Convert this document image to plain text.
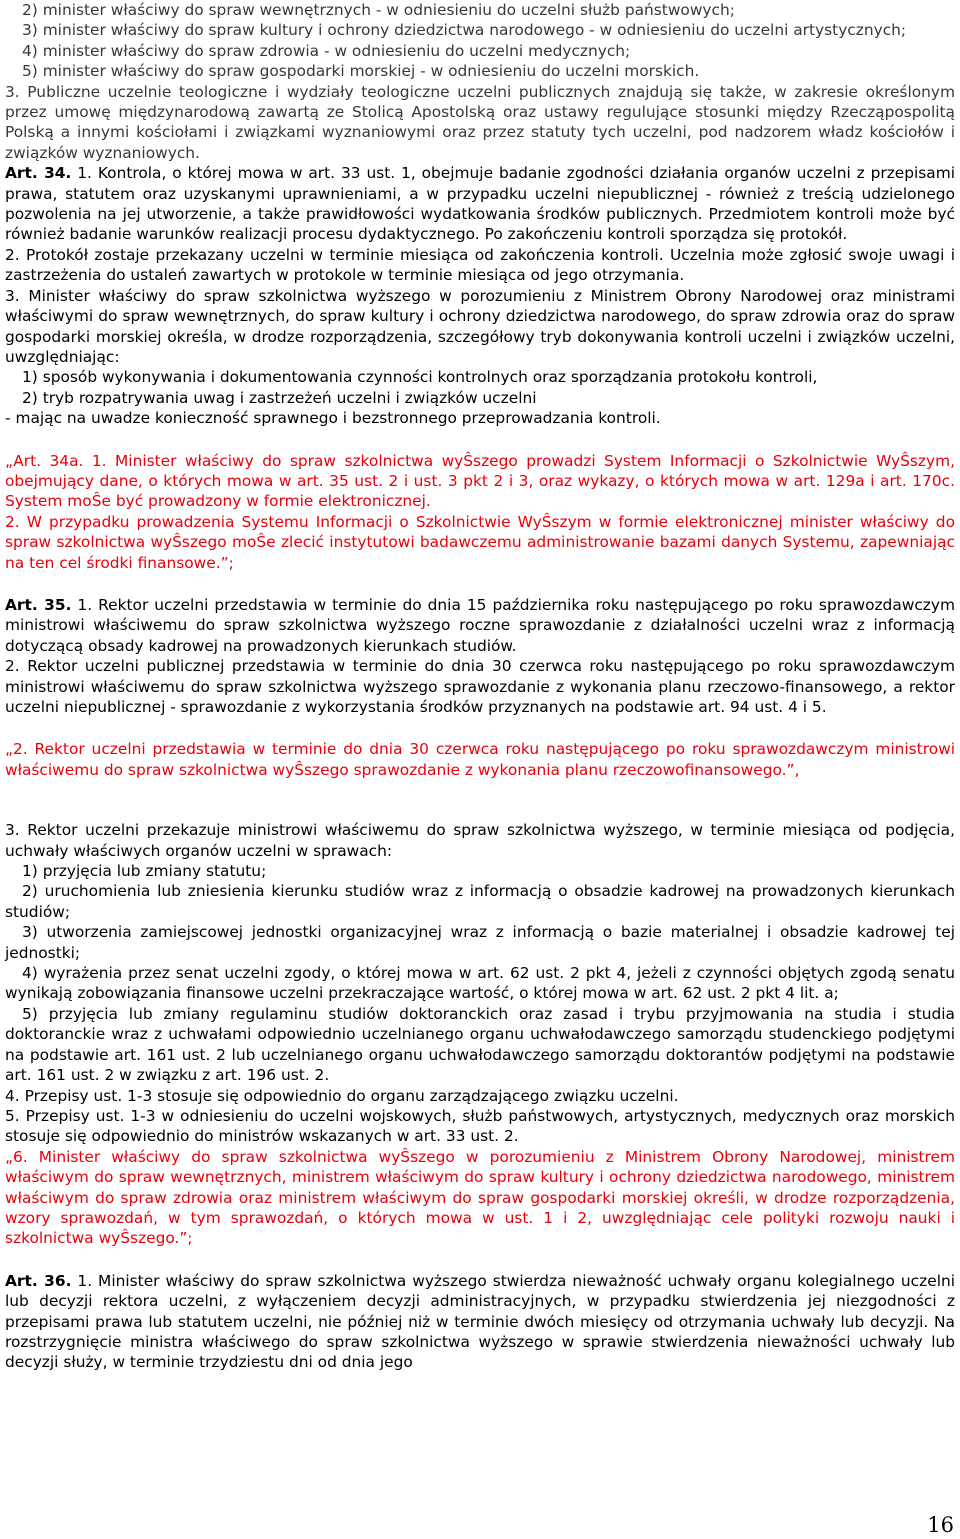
2) minister właściwy do spraw wewnętrznych - w odniesieniu do uczelni służb państwowych;

3) minister właściwy do spraw kultury i ochrony dziedzictwa narodowego - w odniesieniu do uczelni artystycznych;

4) minister właściwy do spraw zdrowia - w odniesieniu do uczelni medycznych;

5) minister właściwy do spraw gospodarki morskiej - w odniesieniu do uczelni morskich.

3. Publiczne uczelnie teologiczne i wydziały teologiczne uczelni publicznych znajdują się także, w zakresie określonym przez umowę międzynarodową zawartą ze Stolicą Apostolską oraz ustawy regulujące stosunki między Rzecząpospolitą Polską a innymi kościołami i związkami wyznaniowymi oraz przez statuty tych uczelni, pod nadzorem władz kościołów i związków wyznaniowych.

Art. 34. 1. Kontrola, o której mowa w art. 33 ust. 1, obejmuje badanie zgodności działania organów uczelni z przepisami prawa, statutem oraz uzyskanymi uprawnieniami, a w przypadku uczelni niepublicznej - również z treścią udzielonego pozwolenia na jej utworzenie, a także prawidłowości wydatkowania środków publicznych. Przedmiotem kontroli może być również badanie warunków realizacji procesu dydaktycznego. Po zakończeniu kontroli sporządza się protokół.

2. Protokół zostaje przekazany uczelni w terminie miesiąca od zakończenia kontroli. Uczelnia może zgłosić swoje uwagi i zastrzeżenia do ustaleń zawartych w protokole w terminie miesiąca od jego otrzymania.

3. Minister właściwy do spraw szkolnictwa wyższego w porozumieniu z Ministrem Obrony Narodowej oraz ministrami właściwymi do spraw wewnętrznych, do spraw kultury i ochrony dziedzictwa narodowego, do spraw zdrowia oraz do spraw gospodarki morskiej określa, w drodze rozporządzenia, szczegółowy tryb dokonywania kontroli uczelni i związków uczelni, uwzględniając:

1) sposób wykonywania i dokumentowania czynności kontrolnych oraz sporządzania protokołu kontroli,

2) tryb rozpatrywania uwag i zastrzeżeń uczelni i związków uczelni

- mając na uwadze konieczność sprawnego i bezstronnego przeprowadzania kontroli.

„Art. 34a. 1. Minister właściwy do spraw szkolnictwa wyŜszego prowadzi System Informacji o Szkolnictwie WyŜszym, obejmujący dane, o których mowa w art. 35 ust. 2 i ust. 3 pkt 2 i 3, oraz wykazy, o których mowa w art. 129a i art. 170c. System moŜe być prowadzony w formie elektronicznej.

2. W przypadku prowadzenia Systemu Informacji o Szkolnictwie WyŜszym w formie elektronicznej minister właściwy do spraw szkolnictwa wyŜszego moŜe zlecić instytutowi badawczemu administrowanie bazami danych Systemu, zapewniając na ten cel środki finansowe.”;

Art. 35. 1. Rektor uczelni przedstawia w terminie do dnia 15 października roku następującego po roku sprawozdawczym ministrowi właściwemu do spraw szkolnictwa wyższego roczne sprawozdanie z działalności uczelni wraz z informacją dotyczącą obsady kadrowej na prowadzonych kierunkach studiów.

2. Rektor uczelni publicznej przedstawia w terminie do dnia 30 czerwca roku następującego po roku sprawozdawczym ministrowi właściwemu do spraw szkolnictwa wyższego sprawozdanie z wykonania planu rzeczowo-finansowego, a rektor uczelni niepublicznej - sprawozdanie z wykorzystania środków przyznanych na podstawie art. 94 ust. 4 i 5.

„2. Rektor uczelni przedstawia w terminie do dnia 30 czerwca roku następującego po roku sprawozdawczym ministrowi właściwemu do spraw szkolnictwa wyŜszego sprawozdanie z wykonania planu rzeczowofinansowego.”,

3. Rektor uczelni przekazuje ministrowi właściwemu do spraw szkolnictwa wyższego, w terminie miesiąca od podjęcia, uchwały właściwych organów uczelni w sprawach:

1) przyjęcia lub zmiany statutu;

2) uruchomienia lub zniesienia kierunku studiów wraz z informacją o obsadzie kadrowej na prowadzonych kierunkach studiów;

3) utworzenia zamiejscowej jednostki organizacyjnej wraz z informacją o bazie materialnej i obsadzie kadrowej tej jednostki;

4) wyrażenia przez senat uczelni zgody, o której mowa w art. 62 ust. 2 pkt 4, jeżeli z czynności objętych zgodą senatu wynikają zobowiązania finansowe uczelni przekraczające wartość, o której mowa w art. 62 ust. 2 pkt 4 lit. a;

5) przyjęcia lub zmiany regulaminu studiów doktoranckich oraz zasad i trybu przyjmowania na studia i studia doktoranckie wraz z uchwałami odpowiednio uczelnianego organu uchwałodawczego samorządu studenckiego podjętymi na podstawie art. 161 ust. 2 lub uczelnianego organu uchwałodawczego samorządu doktorantów podjętymi na podstawie art. 161 ust. 2 w związku z art. 196 ust. 2.

4. Przepisy ust. 1-3 stosuje się odpowiednio do organu zarządzającego związku uczelni.

5. Przepisy ust. 1-3 w odniesieniu do uczelni wojskowych, służb państwowych, artystycznych, medycznych oraz morskich stosuje się odpowiednio do ministrów wskazanych w art. 33 ust. 2.

„6. Minister właściwy do spraw szkolnictwa wyŜszego w porozumieniu z Ministrem Obrony Narodowej, ministrem właściwym do spraw wewnętrznych, ministrem właściwym do spraw kultury i ochrony dziedzictwa narodowego, ministrem właściwym do spraw zdrowia oraz ministrem właściwym do spraw gospodarki morskiej określi, w drodze rozporządzenia, wzory sprawozdań, w tym sprawozdań, o których mowa w ust. 1 i 2, uwzględniając cele polityki rozwoju nauki i szkolnictwa wyŜszego.”;

Art. 36. 1. Minister właściwy do spraw szkolnictwa wyższego stwierdza nieważność uchwały organu kolegialnego uczelni lub decyzji rektora uczelni, z wyłączeniem decyzji administracyjnych, w przypadku stwierdzenia jej niezgodności z przepisami prawa lub statutem uczelni, nie później niż w terminie dwóch miesięcy od otrzymania uchwały lub decyzji. Na rozstrzygnięcie ministra właściwego do spraw szkolnictwa wyższego w sprawie stwierdzenia nieważności uchwały lub decyzji służy, w terminie trzydziestu dni od dnia jego

16
